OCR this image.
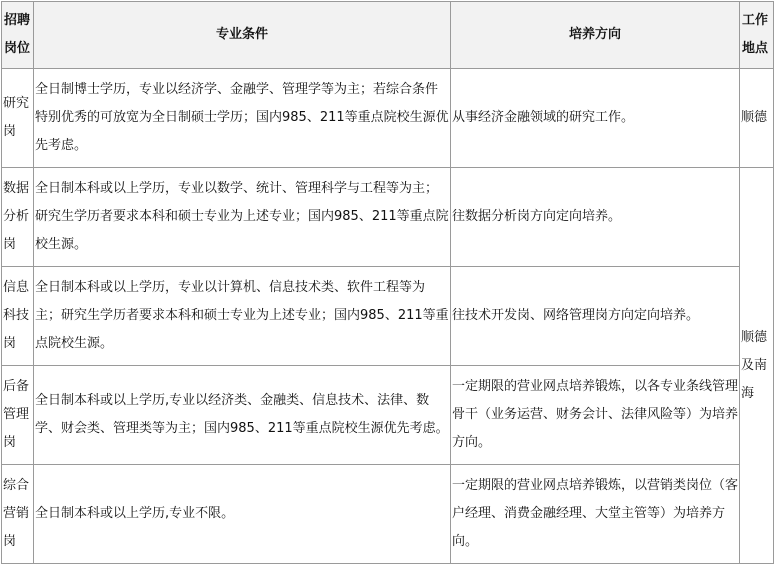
招聘岗位	专业条件	培养方向	工作地点
研究岗	全日制博士学历，专业以经济学、金融学、管理学等为主；若综合条件特别优秀的可放宽为全日制硕士学历；国内985、211等重点院校生源优先考虑。	从事经济金融领域的研究工作。	顺德
数据分析岗	全日制本科或以上学历，专业以数学、统计、管理科学与工程等为主；研究生学历者要求本科和硕士专业为上述专业；国内985、211等重点院校生源。	往数据分析岗方向定向培养。	顺德及南海
信息科技岗	全日制本科或以上学历，专业以计算机、信息技术类、软件工程等为主；研究生学历者要求本科和硕士专业为上述专业；国内985、211等重点院校生源。	往技术开发岗、网络管理岗方向定向培养。	
后备管理岗	全日制本科或以上学历,专业以经济类、金融类、信息技术、法律、数学、财会类、管理类等为主；国内985、211等重点院校生源优先考虑。	一定期限的营业网点培养锻炼，以各专业条线管理骨干（业务运营、财务会计、法律风险等）为培养方向。	
综合营销岗	全日制本科或以上学历,专业不限。	一定期限的营业网点培养锻炼，以营销类岗位（客户经理、消费金融经理、大堂主管等）为培养方向。	
